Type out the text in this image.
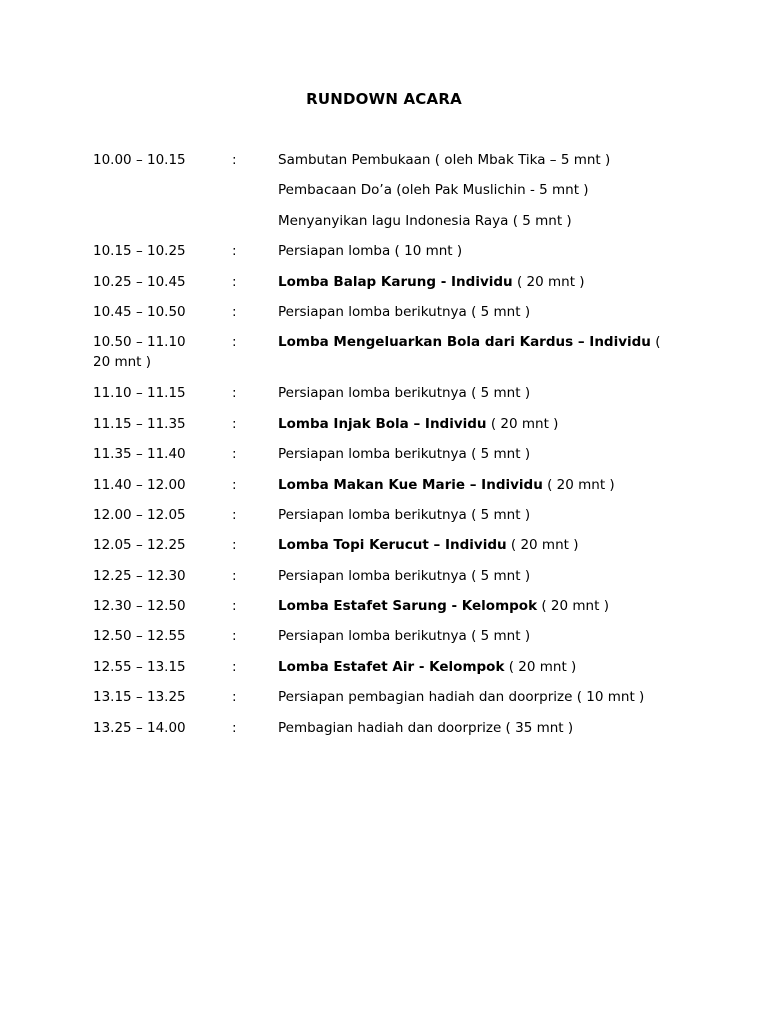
RUNDOWN ACARA
10.00 – 10.15	:	Sambutan Pembukaan ( oleh Mbak Tika – 5 mnt )
Pembacaan Do’a (oleh Pak Muslichin - 5 mnt )
Menyanyikan lagu Indonesia Raya ( 5 mnt )
10.15 – 10.25	:	Persiapan lomba ( 10 mnt )
10.25 – 10.45	:	Lomba Balap Karung - Individu ( 20 mnt )
10.45 – 10.50	:	Persiapan lomba berikutnya ( 5 mnt )
10.50 – 11.10	:	Lomba Mengeluarkan Bola dari Kardus – Individu ( 20 mnt )
11.10 – 11.15	:	Persiapan lomba berikutnya ( 5 mnt )
11.15 – 11.35	:	Lomba Injak Bola – Individu ( 20 mnt )
11.35 – 11.40	:	Persiapan lomba berikutnya ( 5 mnt )
11.40 – 12.00	:	Lomba Makan Kue Marie – Individu ( 20 mnt )
12.00 – 12.05	:	Persiapan lomba berikutnya ( 5 mnt )
12.05 – 12.25	:	Lomba Topi Kerucut – Individu ( 20 mnt )
12.25 – 12.30	:	Persiapan lomba berikutnya ( 5 mnt )
12.30 – 12.50	:	Lomba Estafet Sarung - Kelompok ( 20 mnt )
12.50 – 12.55	:	Persiapan lomba berikutnya ( 5 mnt )
12.55 – 13.15	:	Lomba Estafet Air - Kelompok ( 20 mnt )
13.15 – 13.25	:	Persiapan pembagian hadiah dan doorprize ( 10 mnt )
13.25 – 14.00	:	Pembagian hadiah dan doorprize ( 35 mnt )
